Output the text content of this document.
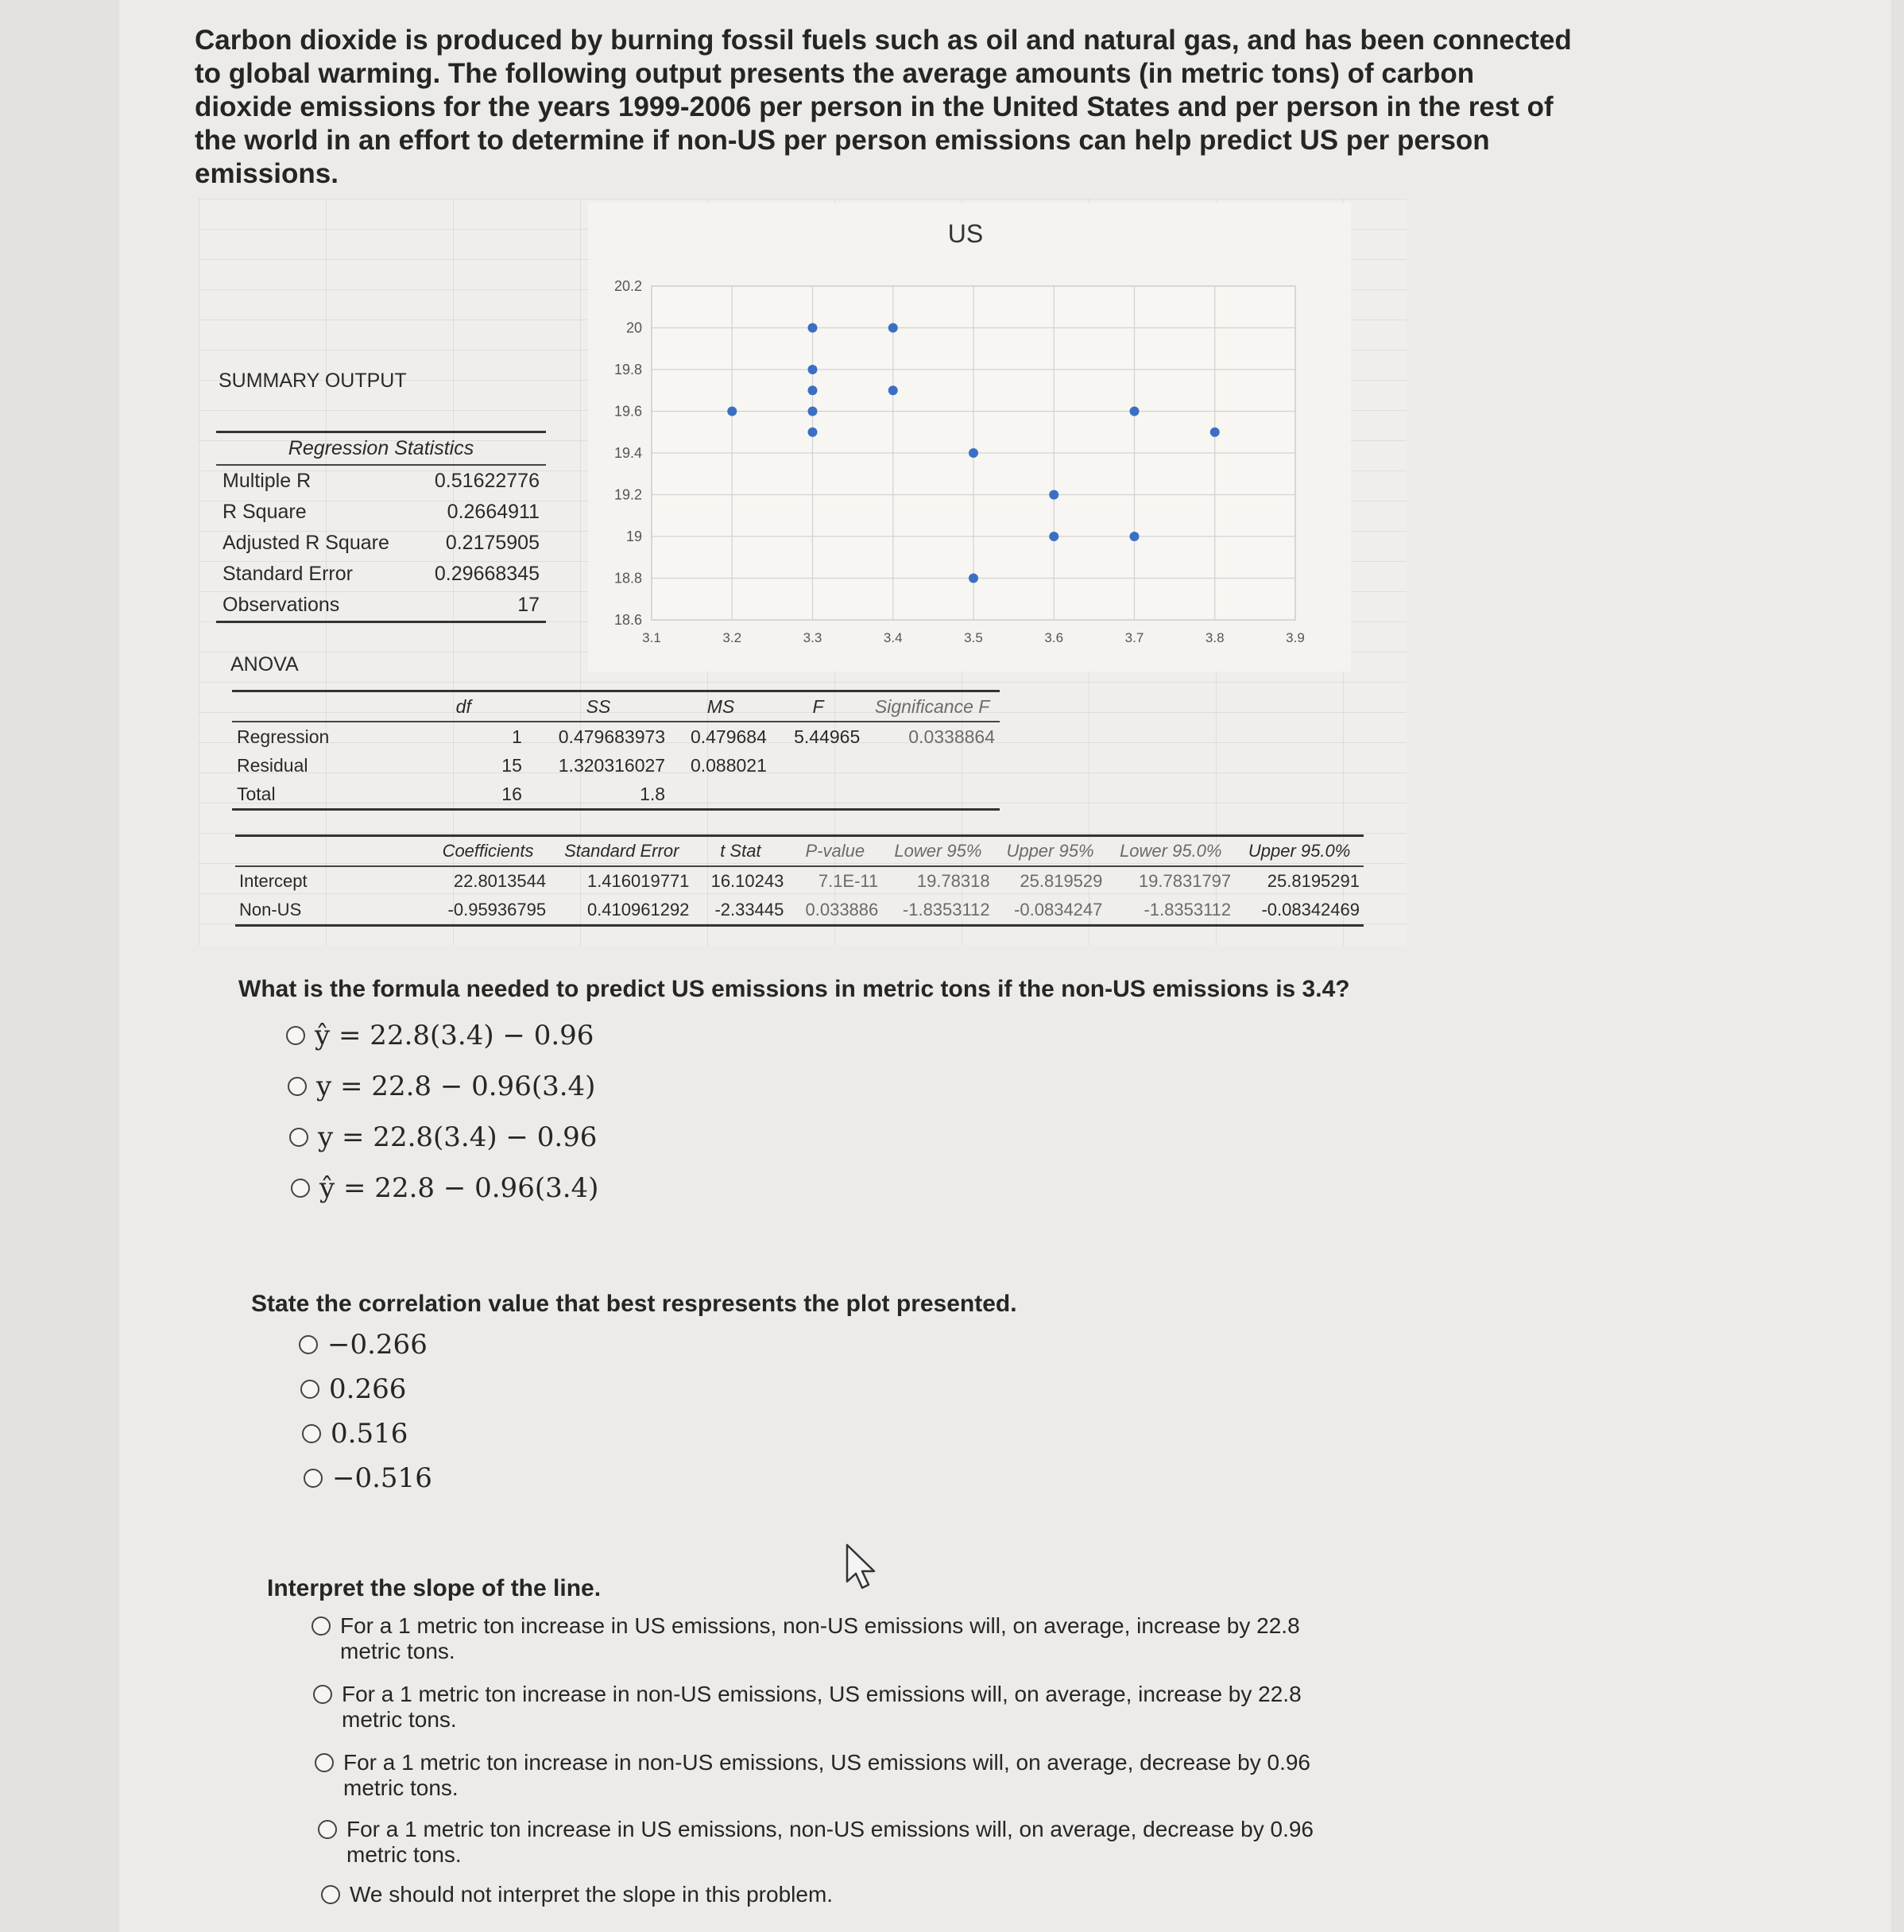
Carbon dioxide is produced by burning fossil fuels such as oil and natural gas, and has been connected to global warming. The following output presents the average amounts (in metric tons) of carbon dioxide emissions for the years 1999-2006 per person in the United States and per person in the rest of the world in an effort to determine if non-US per person emissions can help predict US per person emissions.

SUMMARY OUTPUT
Regression Statistics	
Multiple R	0.51622776
R Square	0.2664911
Adjusted R Square	0.2175905
Standard Error	0.29668345
Observations	17
ANOVA
	df	SS	MS	F	Significance F
Regression	1	0.479683973	0.479684	5.44965	0.0338864
Residual	15	1.320316027	0.088021		
Total	16	1.8			
	Coefficients	Standard Error	t Stat	P-value	Lower 95%	Upper 95%	Lower 95.0%	Upper 95.0%
Intercept	22.8013544	1.416019771	16.10243	7.1E-11	19.78318	25.819529	19.7831797	25.8195291
Non-US	-0.95936795	0.410961292	-2.33445	0.033886	-1.8353112	-0.0834247	-1.8353112	-0.08342469
US
3.1	3.2	3.3	3.4	3.5	3.6	3.7	3.8	3.9
18.6
18.8
19
19.2
19.4
19.6
19.8
20
20.2
What is the formula needed to predict US emissions in metric tons if the non-US emissions is 3.4?
ŷ = 22.8(3.4) − 0.96
y = 22.8 − 0.96(3.4)
y = 22.8(3.4) − 0.96
ŷ = 22.8 − 0.96(3.4)
State the correlation value that best respresents the plot presented.
−0.266
0.266
0.516
−0.516
Interpret the slope of the line.
For a 1 metric ton increase in US emissions, non-US emissions will, on average, increase by 22.8 metric tons.
For a 1 metric ton increase in non-US emissions, US emissions will, on average, increase by 22.8 metric tons.
For a 1 metric ton increase in non-US emissions, US emissions will, on average, decrease by 0.96 metric tons.
For a 1 metric ton increase in US emissions, non-US emissions will, on average, decrease by 0.96 metric tons.
We should not interpret the slope in this problem.
